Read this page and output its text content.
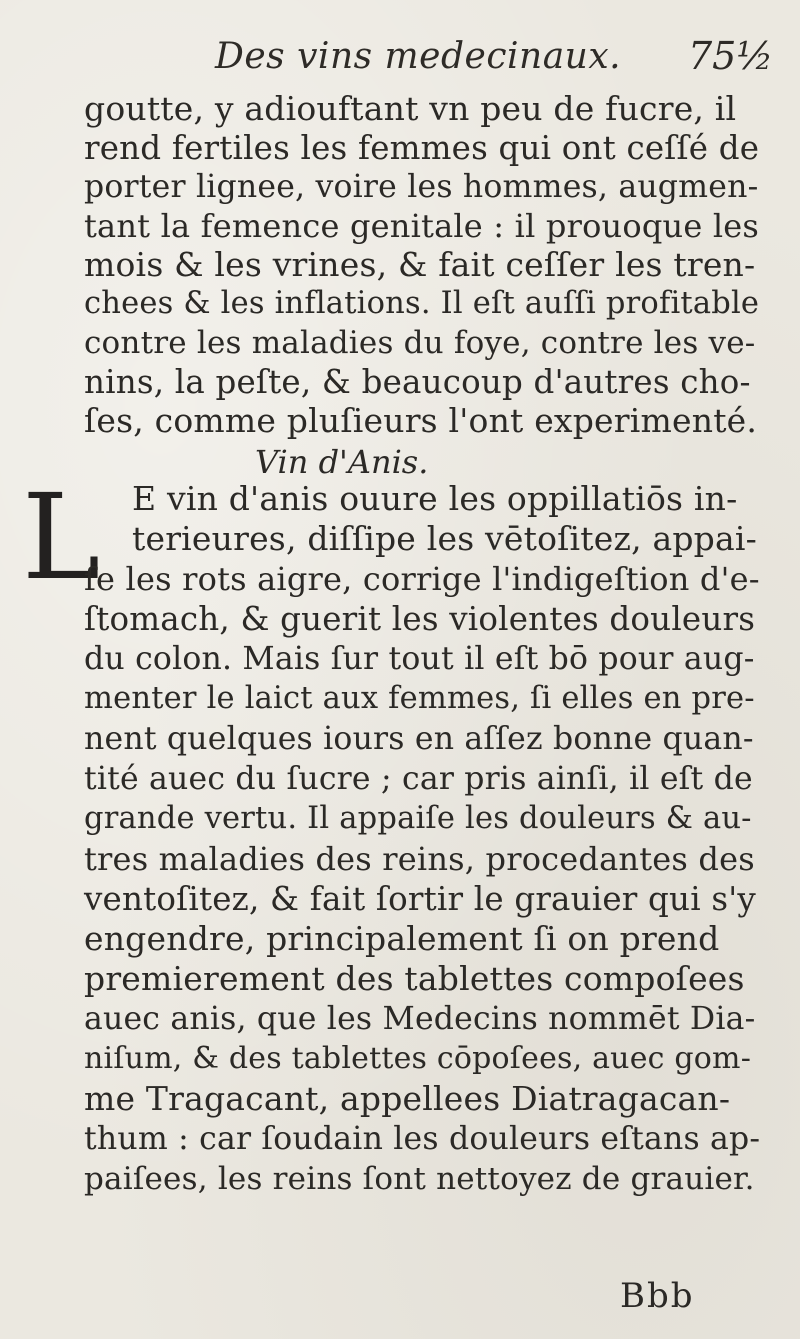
Des vins medecinaux. 75½
goutte, y adiouftant vn peu de fucre, il
rend fertiles les femmes qui ont ceſſé de
porter lignee, voire les hommes, augmen-
tant la femence genitale : il prouoque les
mois & les vrines, & fait ceſſer les tren-
chees & les inflations. Il eſt auſſi profitable
contre les maladies du foye, contre les ve-
nins, la peſte, & beaucoup d'autres cho-
ſes, comme pluſieurs l'ont experimenté.
Vin d'Anis.
L E vin d'anis ouure les oppillatiōs in-
terieures, diſſipe les vētoſitez, appai-
ſe les rots aigre, corrige l'indigeſtion d'e-
ſtomach, & guerit les violentes douleurs
du colon. Mais ſur tout il eſt bō pour aug-
menter le laict aux femmes, ſi elles en pre-
nent quelques iours en aſſez bonne quan-
tité auec du ſucre ; car pris ainſi, il eſt de
grande vertu. Il appaiſe les douleurs & au-
tres maladies des reins, procedantes des
ventoſitez, & fait ſortir le grauier qui s'y
engendre, principalement ſi on prend
premierement des tablettes compoſees
auec anis, que les Medecins nommēt Dia-
niſum, & des tablettes cōpoſees, auec gom-
me Tragacant, appellees Diatragacan-
thum : car ſoudain les douleurs eſtans ap-
paiſees, les reins ſont nettoyez de grauier.
Bbb
